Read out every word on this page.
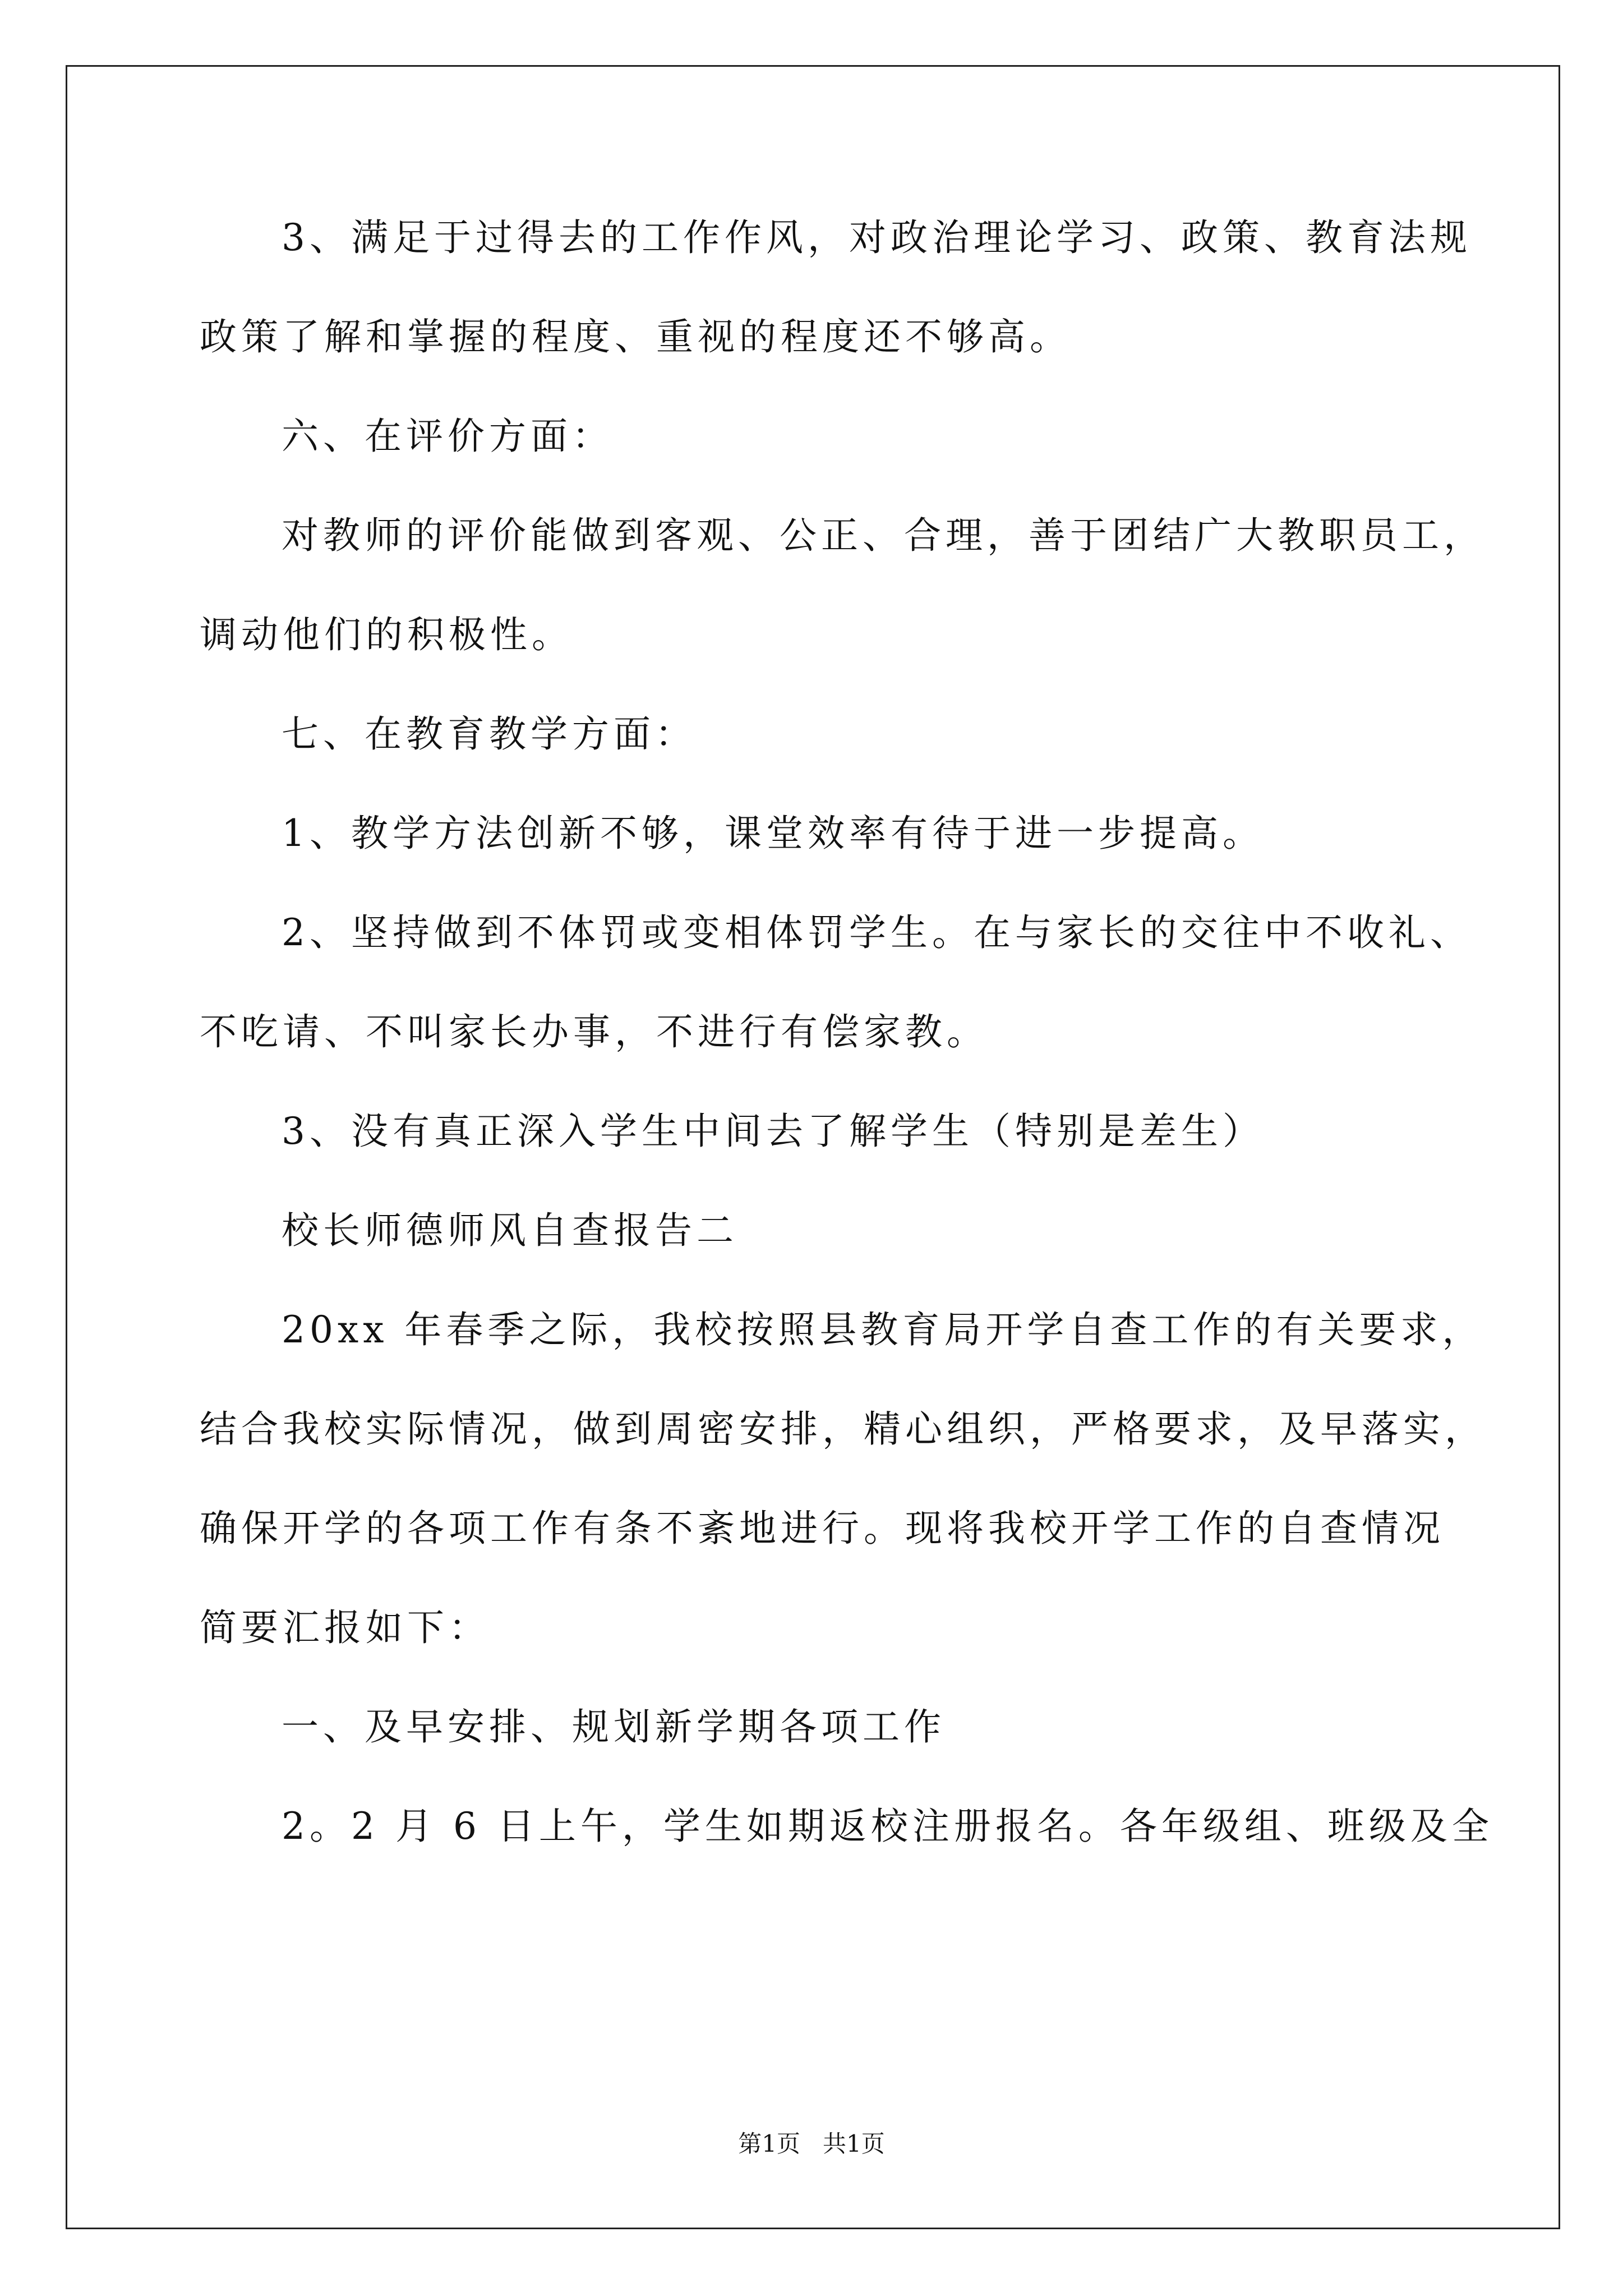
3、满足于过得去的工作作风，对政治理论学习、政策、教育法规
政策了解和掌握的程度、重视的程度还不够高。

六、在评价方面：

对教师的评价能做到客观、公正、合理，善于团结广大教职员工，
调动他们的积极性。

七、在教育教学方面：

1、教学方法创新不够，课堂效率有待于进一步提高。

2、坚持做到不体罚或变相体罚学生。在与家长的交往中不收礼、
不吃请、不叫家长办事，不进行有偿家教。

3、没有真正深入学生中间去了解学生（特别是差生）

校长师德师风自查报告二

20xx 年春季之际，我校按照县教育局开学自查工作的有关要求，
结合我校实际情况，做到周密安排，精心组织，严格要求，及早落实，
确保开学的各项工作有条不紊地进行。现将我校开学工作的自查情况
简要汇报如下：

一、及早安排、规划新学期各项工作

2。2 月 6 日上午，学生如期返校注册报名。各年级组、班级及全

第1页   共1页
